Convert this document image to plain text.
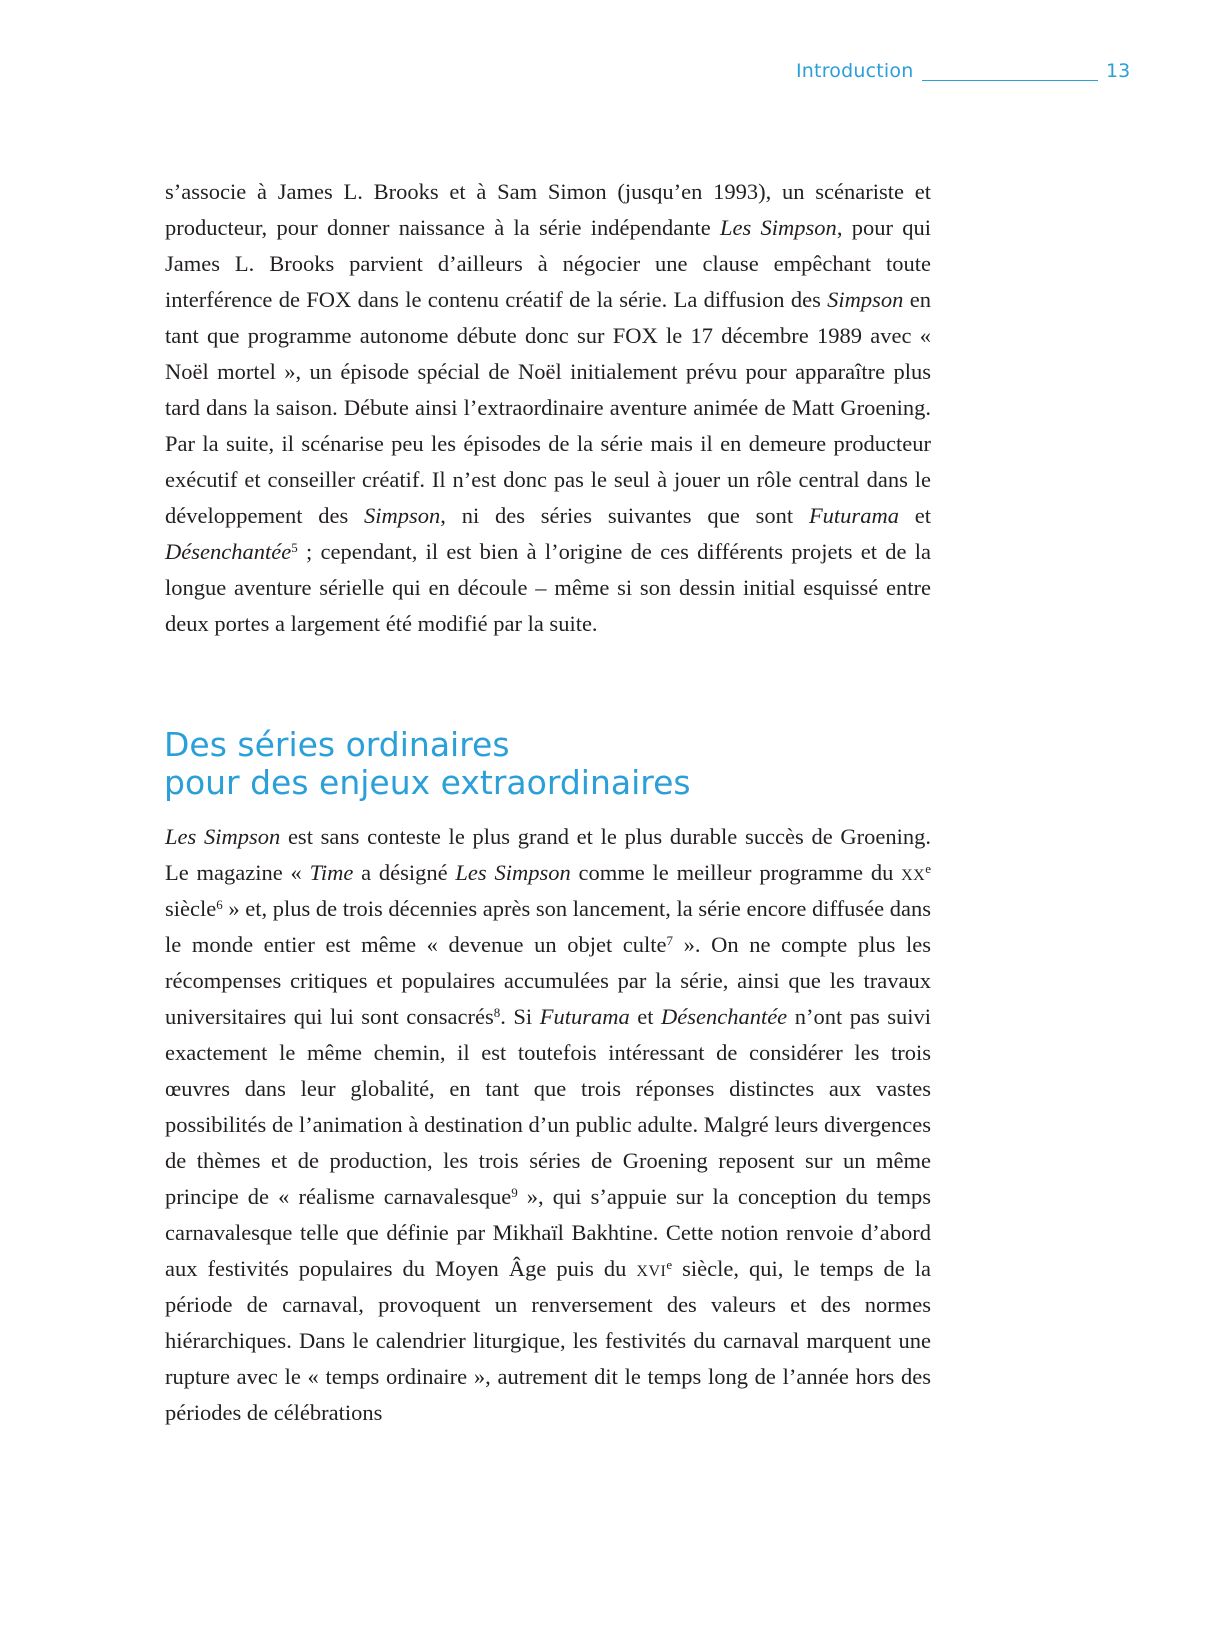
Introduction	13

s’associe à James L. Brooks et à Sam Simon (jusqu’en 1993), un scénariste et producteur, pour donner naissance à la série indépendante Les Simpson, pour qui James L. Brooks parvient d’ailleurs à négocier une clause empêchant toute interférence de FOX dans le contenu créatif de la série. La diffusion des Simpson en tant que programme autonome débute donc sur FOX le 17 décembre 1989 avec « Noël mortel », un épisode spécial de Noël initialement prévu pour apparaître plus tard dans la saison. Débute ainsi l’extraordinaire aventure animée de Matt Groening. Par la suite, il scénarise peu les épisodes de la série mais il en demeure producteur exécutif et conseiller créatif. Il n’est donc pas le seul à jouer un rôle central dans le développement des Simpson, ni des séries suivantes que sont Futurama et Désenchantée$^5$ ; cependant, il est bien à l’origine de ces différents projets et de la longue aventure sérielle qui en découle – même si son dessin initial esquissé entre deux portes a largement été modifié par la suite.

Des séries ordinaires
pour des enjeux extraordinaires

Les Simpson est sans conteste le plus grand et le plus durable succès de Groening. Le magazine « Time a désigné Les Simpson comme le meilleur programme du $xx^e$ siècle$^6$ » et, plus de trois décennies après son lancement, la série encore diffusée dans le monde entier est même « devenue un objet culte$^7$ ». On ne compte plus les récompenses critiques et populaires accumulées par la série, ainsi que les travaux universitaires qui lui sont consacrés$^8$. Si Futurama et Désenchantée n’ont pas suivi exactement le même chemin, il est toutefois intéressant de considérer les trois œuvres dans leur globalité, en tant que trois réponses distinctes aux vastes possibilités de l’animation à destination d’un public adulte. Malgré leurs divergences de thèmes et de production, les trois séries de Groening reposent sur un même principe de « réalisme carnavalesque$^9$ », qui s’appuie sur la conception du temps carnavalesque telle que définie par Mikhaïl Bakhtine. Cette notion renvoie d’abord aux festivités populaires du Moyen Âge puis du xvi$^e$ siècle, qui, le temps de la période de carnaval, provoquent un renversement des valeurs et des normes hiérarchiques. Dans le calendrier liturgique, les festivités du carnaval marquent une rupture avec le « temps ordinaire », autrement dit le temps long de l’année hors des périodes de célébrations
